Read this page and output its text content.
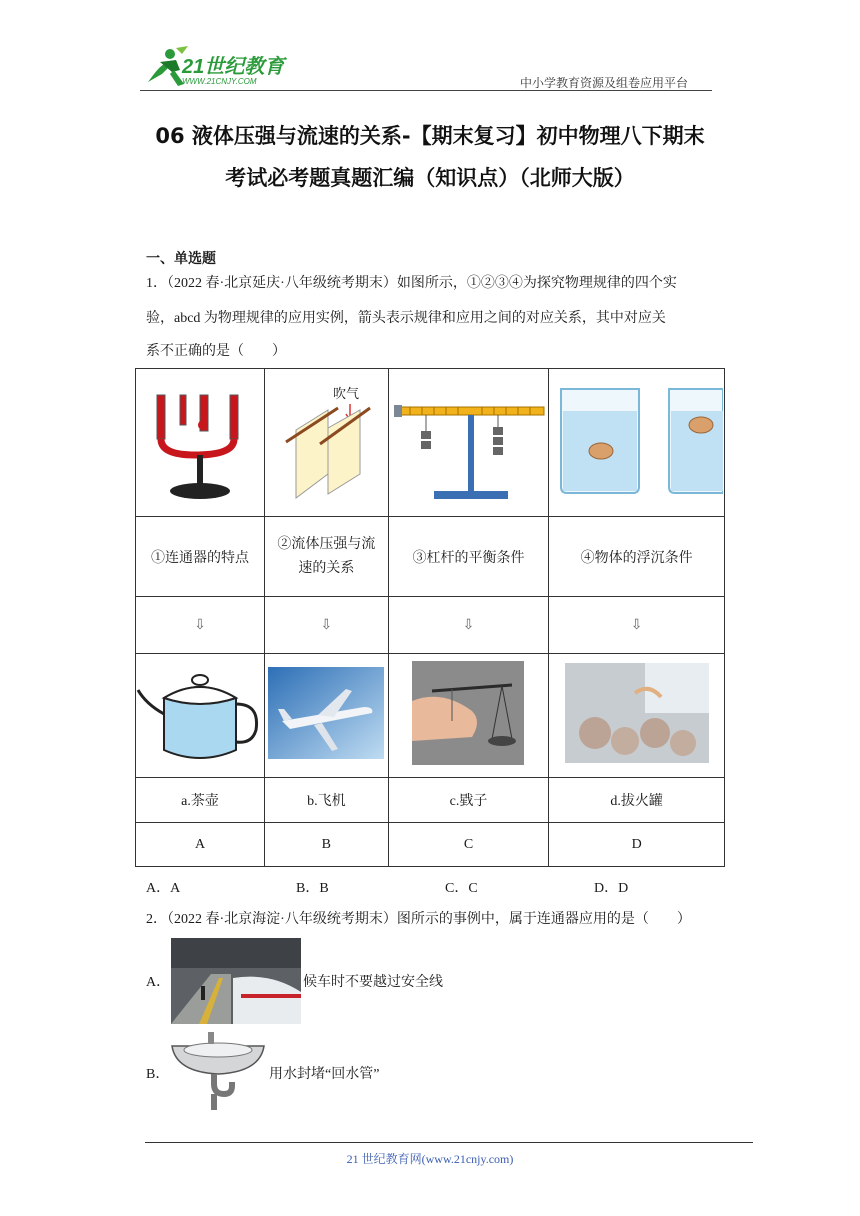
21世纪教育
WWW.21CNJY.COM	中小学教育资源及组卷应用平台
06 液体压强与流速的关系-【期末复习】初中物理八下期末
考试必考题真题汇编（知识点）（北师大版）
一、单选题
1．（2022 春·北京延庆·八年级统考期末）如图所示，①②③④为探究物理规律的四个实
验，abcd 为物理规律的应用实例，箭头表示规律和应用之间的对应关系，其中对应关
系不正确的是（　　）

吹气

①连通器的特点	②流体压强与流
速的关系	③杠杆的平衡条件	④物体的浮沉条件
⇩	⇩	⇩	⇩

a.茶壶	b.飞机	c.戥子	d.拔火罐
A	B	C	D
A．A	B．B	C．C	D．D
2．（2022 春·北京海淀·八年级统考期末）图所示的事例中，属于连通器应用的是（　　）
A．	候车时不要越过安全线
B．	用水封堵“回水管”
21 世纪教育网(www.21cnjy.com)
